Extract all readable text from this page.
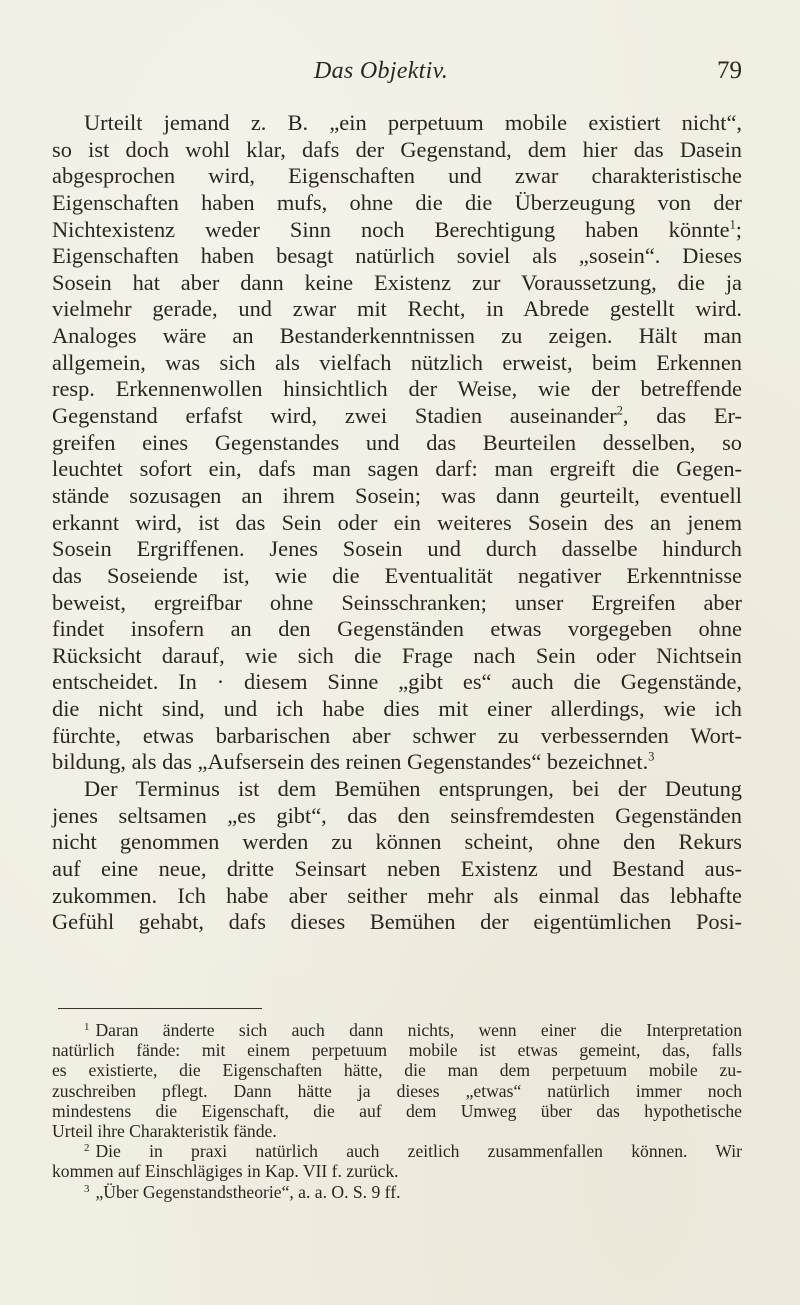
Das Objektiv.	79
Urteilt jemand z. B. „ein perpetuum mobile existiert nicht“,
so ist doch wohl klar, dafs der Gegenstand, dem hier das Dasein
abgesprochen wird, Eigenschaften und zwar charakteristische
Eigenschaften haben mufs, ohne die die Überzeugung von der
Nichtexistenz weder Sinn noch Berechtigung haben könnte$^1$;
Eigenschaften haben besagt natürlich soviel als „sosein“. Dieses
Sosein hat aber dann keine Existenz zur Voraussetzung, die ja
vielmehr gerade, und zwar mit Recht, in Abrede gestellt wird.
Analoges wäre an Bestanderkenntnissen zu zeigen. Hält man
allgemein, was sich als vielfach nützlich erweist, beim Erkennen
resp. Erkennenwollen hinsichtlich der Weise, wie der betreffende
Gegenstand erfafst wird, zwei Stadien auseinander$^2$, das Er-
greifen eines Gegenstandes und das Beurteilen desselben, so
leuchtet sofort ein, dafs man sagen darf: man ergreift die Gegen-
stände sozusagen an ihrem Sosein; was dann geurteilt, eventuell
erkannt wird, ist das Sein oder ein weiteres Sosein des an jenem
Sosein Ergriffenen. Jenes Sosein und durch dasselbe hindurch
das Soseiende ist, wie die Eventualität negativer Erkenntnisse
beweist, ergreifbar ohne Seinsschranken; unser Ergreifen aber
findet insofern an den Gegenständen etwas vorgegeben ohne
Rücksicht darauf, wie sich die Frage nach Sein oder Nichtsein
entscheidet. In · diesem Sinne „gibt es“ auch die Gegenstände,
die nicht sind, und ich habe dies mit einer allerdings, wie ich
fürchte, etwas barbarischen aber schwer zu verbessernden Wort-
bildung, als das „Aufsersein des reinen Gegenstandes“ bezeichnet.$^3$
Der Terminus ist dem Bemühen entsprungen, bei der Deutung
jenes seltsamen „es gibt“, das den seinsfremdesten Gegenständen
nicht genommen werden zu können scheint, ohne den Rekurs
auf eine neue, dritte Seinsart neben Existenz und Bestand aus-
zukommen. Ich habe aber seither mehr als einmal das lebhafte
Gefühl gehabt, dafs dieses Bemühen der eigentümlichen Posi-
$^1$ Daran änderte sich auch dann nichts, wenn einer die Interpretation
natürlich fände: mit einem perpetuum mobile ist etwas gemeint, das, falls
es existierte, die Eigenschaften hätte, die man dem perpetuum mobile zu-
zuschreiben pflegt. Dann hätte ja dieses „etwas“ natürlich immer noch
mindestens die Eigenschaft, die auf dem Umweg über das hypothetische
Urteil ihre Charakteristik fände.
$^2$ Die in praxi natürlich auch zeitlich zusammenfallen können. Wir
kommen auf Einschlägiges in Kap. VII f. zurück.
$^3$ „Über Gegenstandstheorie“, a. a. O. S. 9 ff.
